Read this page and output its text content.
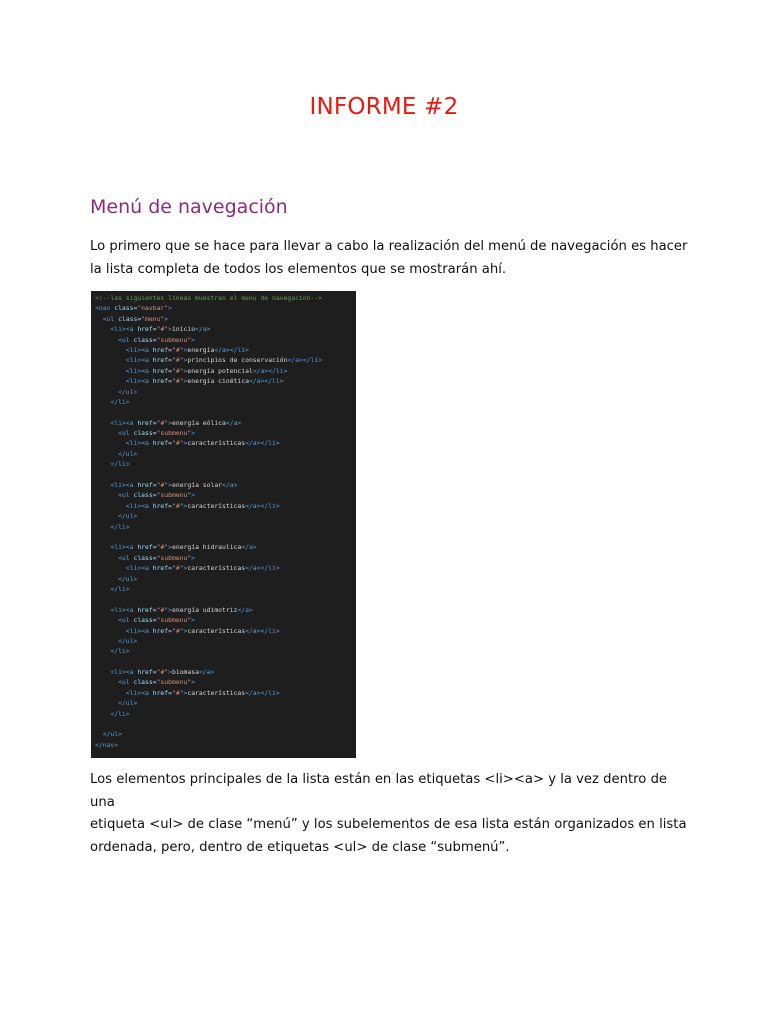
INFORME #2
Menú de navegación
Lo primero que se hace para llevar a cabo la realización del menú de navegación es hacer
la lista completa de todos los elementos que se mostrarán ahí.
<!--las siguientes lineas muestran el menu de navegacion-->
<nav class="navbar">
<ul class="menu">
<li><a href="#">inicio</a>
<ul class="submenu">
<li><a href="#">energía</a></li>
<li><a href="#">principios de conservación</a></li>
<li><a href="#">energía potencial</a></li>
<li><a href="#">energía cinética</a></li>
</ul>
</li>
<li><a href="#">energía eólica</a>
<ul class="submenu">
<li><a href="#">características</a></li>
</ul>
</li>
<li><a href="#">energía solar</a>
<ul class="submenu">
<li><a href="#">características</a></li>
</ul>
</li>
<li><a href="#">energía hidraulica</a>
<ul class="submenu">
<li><a href="#">características</a></li>
</ul>
</li>
<li><a href="#">energía udimotriz</a>
<ul class="submenu">
<li><a href="#">características</a></li>
</ul>
</li>
<li><a href="#">biomasa</a>
<ul class="submenu">
<li><a href="#">características</a></li>
</ul>
</li>
</ul>
</nav>
Los elementos principales de la lista están en las etiquetas <li><a> y la vez dentro de una
etiqueta <ul> de clase “menú” y los subelementos de esa lista están organizados en lista
ordenada, pero, dentro de etiquetas <ul> de clase “submenú”.
